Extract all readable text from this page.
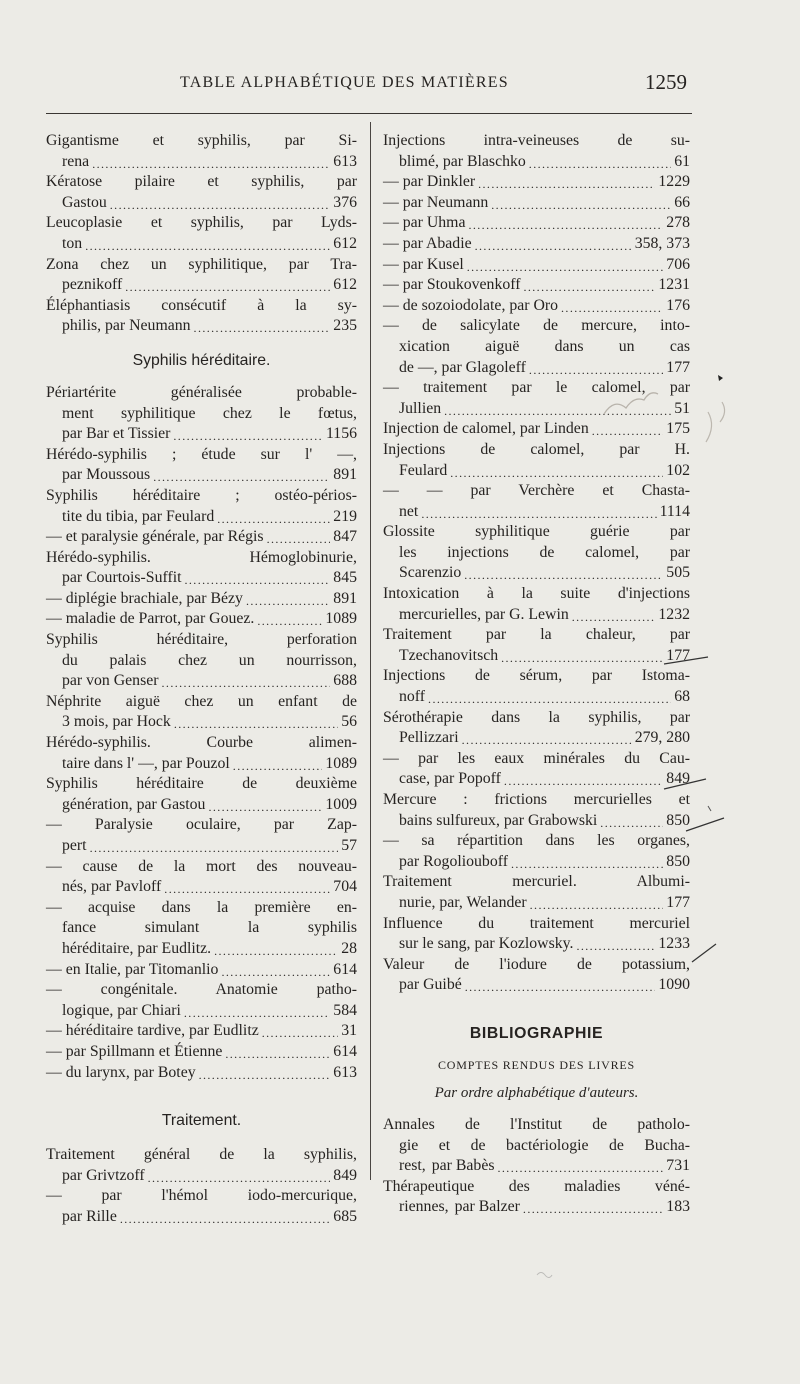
TABLE ALPHABÉTIQUE DES MATIÈRES	1259
Gigantisme et syphilis, par Si-
rena .....	613
Kératose pilaire et syphilis, par
Gastou .....	376
Leucoplasie et syphilis, par Lyds-
ton .....	612
Zona chez un syphilitique, par Tra-
peznikoff .....	612
Éléphantiasis consécutif à la sy-
philis, par Neumann .....	235
Syphilis héréditaire.
Périartérite généralisée probable-
ment syphilitique chez le fœtus,
par Bar et Tissier .....	1156
Hérédo-syphilis ; étude sur l' —,
par Moussous .....	891
Syphilis héréditaire ; ostéo-périos-
tite du tibia, par Feulard .....	219
— et paralysie générale, par Régis .....	847
Hérédo-syphilis. Hémoglobinurie,
par Courtois-Suffit .....	845
— diplégie brachiale, par Bézy .....	891
— maladie de Parrot, par Gouez. .....	1089
Syphilis héréditaire, perforation
du palais chez un nourrisson,
par von Genser .....	688
Néphrite aiguë chez un enfant de
3 mois, par Hock .....	56
Hérédo-syphilis. Courbe alimen-
taire dans l' —, par Pouzol .....	1089
Syphilis héréditaire de deuxième
génération, par Gastou .....	1009
— Paralysie oculaire, par Zap-
pert .....	57
— cause de la mort des nouveau-
nés, par Pavloff .....	704
— acquise dans la première en-
fance simulant la syphilis
héréditaire, par Eudlitz. .....	28
— en Italie, par Titomanlio .....	614
— congénitale. Anatomie patho-
logique, par Chiari .....	584
— héréditaire tardive, par Eudlitz .....	31
— par Spillmann et Étienne .....	614
— du larynx, par Botey .....	613
Traitement.
Traitement général de la syphilis,
par Grivtzoff .....	849
— par l'hémol iodo-mercurique,
par Rille .....	685
Injections intra-veineuses de su-
blimé, par Blaschko .....	61
— par Dinkler .....	1229
— par Neumann .....	66
— par Uhma .....	278
— par Abadie .....	358, 373
— par Kusel .....	706
— par Stoukovenkoff .....	1231
— de sozoiodolate, par Oro .....	176
— de salicylate de mercure, into-
xication aiguë dans un cas
de —, par Glagoleff .....	177
— traitement par le calomel, par
Jullien .....	51
Injection de calomel, par Linden .....	175
Injections de calomel, par H.
Feulard .....	102
— — par Verchère et Chasta-
net .....	1114
Glossite syphilitique guérie par
les injections de calomel, par
Scarenzio .....	505
Intoxication à la suite d'injections
mercurielles, par G. Lewin .....	1232
Traitement par la chaleur, par
Tzechanovitsch .....	177
Injections de sérum, par Istoma-
noff .....	68
Sérothérapie dans la syphilis, par
Pellizzari .....	279, 280
— par les eaux minérales du Cau-
case, par Popoff .....	849
Mercure : frictions mercurielles et
bains sulfureux, par Grabowski .....	850
— sa répartition dans les organes,
par Rogoliouboff .....	850
Traitement mercuriel. Albumi-
nurie, par, Welander .....	177
Influence du traitement mercuriel
sur le sang, par Kozlowsky. .....	1233
Valeur de l'iodure de potassium,
par Guibé .....	1090
BIBLIOGRAPHIE
COMPTES RENDUS DES LIVRES
Par ordre alphabétique d'auteurs.
Annales de l'Institut de patholo-
gie et de bactériologie de Bucha-
rest, par Babès .....	731
Thérapeutique des maladies véné-
riennes, par Balzer .....	183
